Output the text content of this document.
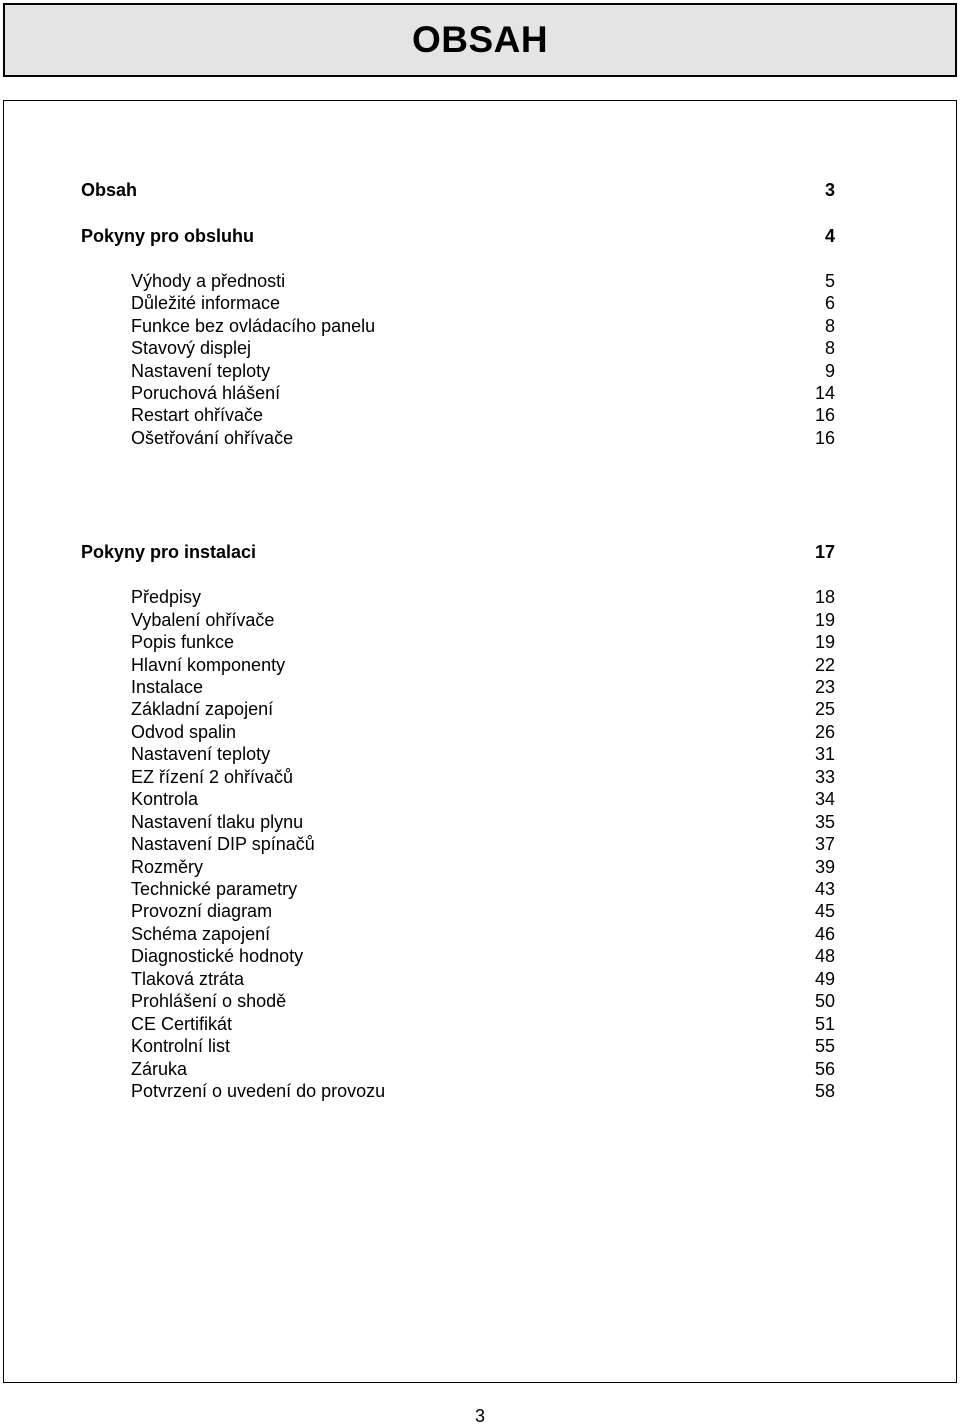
OBSAH
Obsah	3
Pokyny pro obsluhu	4
Výhody a přednosti	5
Důležité informace	6
Funkce bez ovládacího panelu	8
Stavový displej	8
Nastavení teploty	9
Poruchová hlášení	14
Restart ohřívače	16
Ošetřování ohřívače	16
Pokyny pro instalaci	17
Předpisy	18
Vybalení ohřívače	19
Popis funkce	19
Hlavní komponenty	22
Instalace	23
Základní zapojení	25
Odvod spalin	26
Nastavení teploty	31
EZ řízení 2 ohřívačů	33
Kontrola	34
Nastavení tlaku plynu	35
Nastavení DIP spínačů	37
Rozměry	39
Technické parametry	43
Provozní diagram	45
Schéma zapojení	46
Diagnostické hodnoty	48
Tlaková ztráta	49
Prohlášení o shodě	50
CE Certifikát	51
Kontrolní list	55
Záruka	56
Potvrzení o uvedení do provozu	58
3
